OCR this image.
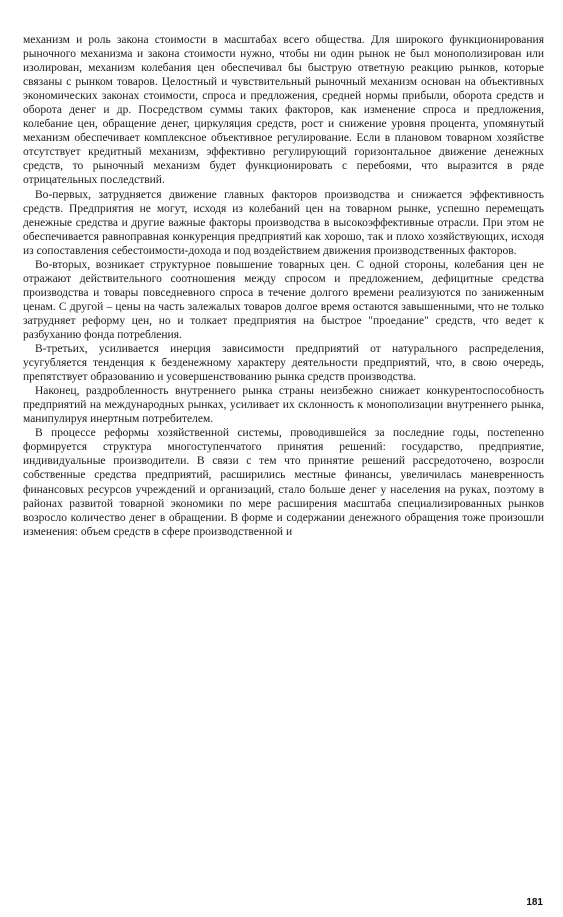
механизм и роль закона стоимости в масштабах всего общества. Для широкого функционирования рыночного механизма и закона стоимости нужно, чтобы ни один рынок не был монополизирован или изолирован, механизм колебания цен обеспечивал бы быструю ответную реакцию рынков, которые связаны с рынком товаров. Целостный и чувствительный рыночный механизм основан на объективных экономических законах стоимости, спроса и предложения, средней нормы прибыли, оборота средств и оборота денег и др. Посредством суммы таких факторов, как изменение спроса и предложения, колебание цен, обращение денег, циркуляция средств, рост и снижение уровня процента, упомянутый механизм обеспечивает комплексное объективное регулирование. Если в плановом товарном хозяйстве отсутствует кредитный механизм, эффективно регулирующий горизонтальное движение денежных средств, то рыночный механизм будет функционировать с перебоями, что выразится в ряде отрицательных последствий.

Во-первых, затрудняется движение главных факторов производства и снижается эффективность средств. Предприятия не могут, исходя из колебаний цен на товарном рынке, успешно перемещать денежные средства и другие важные факторы производства в высокоэффективные отрасли. При этом не обеспечивается равноправная конкуренция предприятий как хорошо, так и плохо хозяйствующих, исходя из сопоставления себестоимости-дохода и под воздействием движения производственных факторов.

Во-вторых, возникает структурное повышение товарных цен. С одной стороны, колебания цен не отражают действительного соотношения между спросом и предложением, дефицитные средства производства и товары повседневного спроса в течение долгого времени реализуются по заниженным ценам. С другой – цены на часть залежалых товаров долгое время остаются завышенными, что не только затрудняет реформу цен, но и толкает предприятия на быстрое "проедание" средств, что ведет к разбуханию фонда потребления.

В-третьих, усиливается инерция зависимости предприятий от натурального распределения, усугубляется тенденция к безденежному характеру деятельности предприятий, что, в свою очередь, препятствует образованию и усовершенствованию рынка средств производства.

Наконец, раздробленность внутреннего рынка страны неизбежно снижает конкурентоспособность предприятий на международных рынках, усиливает их склонность к монополизации внутреннего рынка, манипулируя инертным потребителем.

В процессе реформы хозяйственной системы, проводившейся за последние годы, постепенно формируется структура многоступенчатого принятия решений: государство, предприятие, индивидуальные производители. В связи с тем что принятие решений рассредоточено, возросли собственные средства предприятий, расширились местные финансы, увеличилась маневренность финансовых ресурсов учреждений и организаций, стало больше денег у населения на руках, поэтому в районах развитой товарной экономики по мере расширения масштаба специализированных рынков возросло количество денег в обращении. В форме и содержании денежного обращения тоже произошли изменения: объем средств в сфере производственной и

181
